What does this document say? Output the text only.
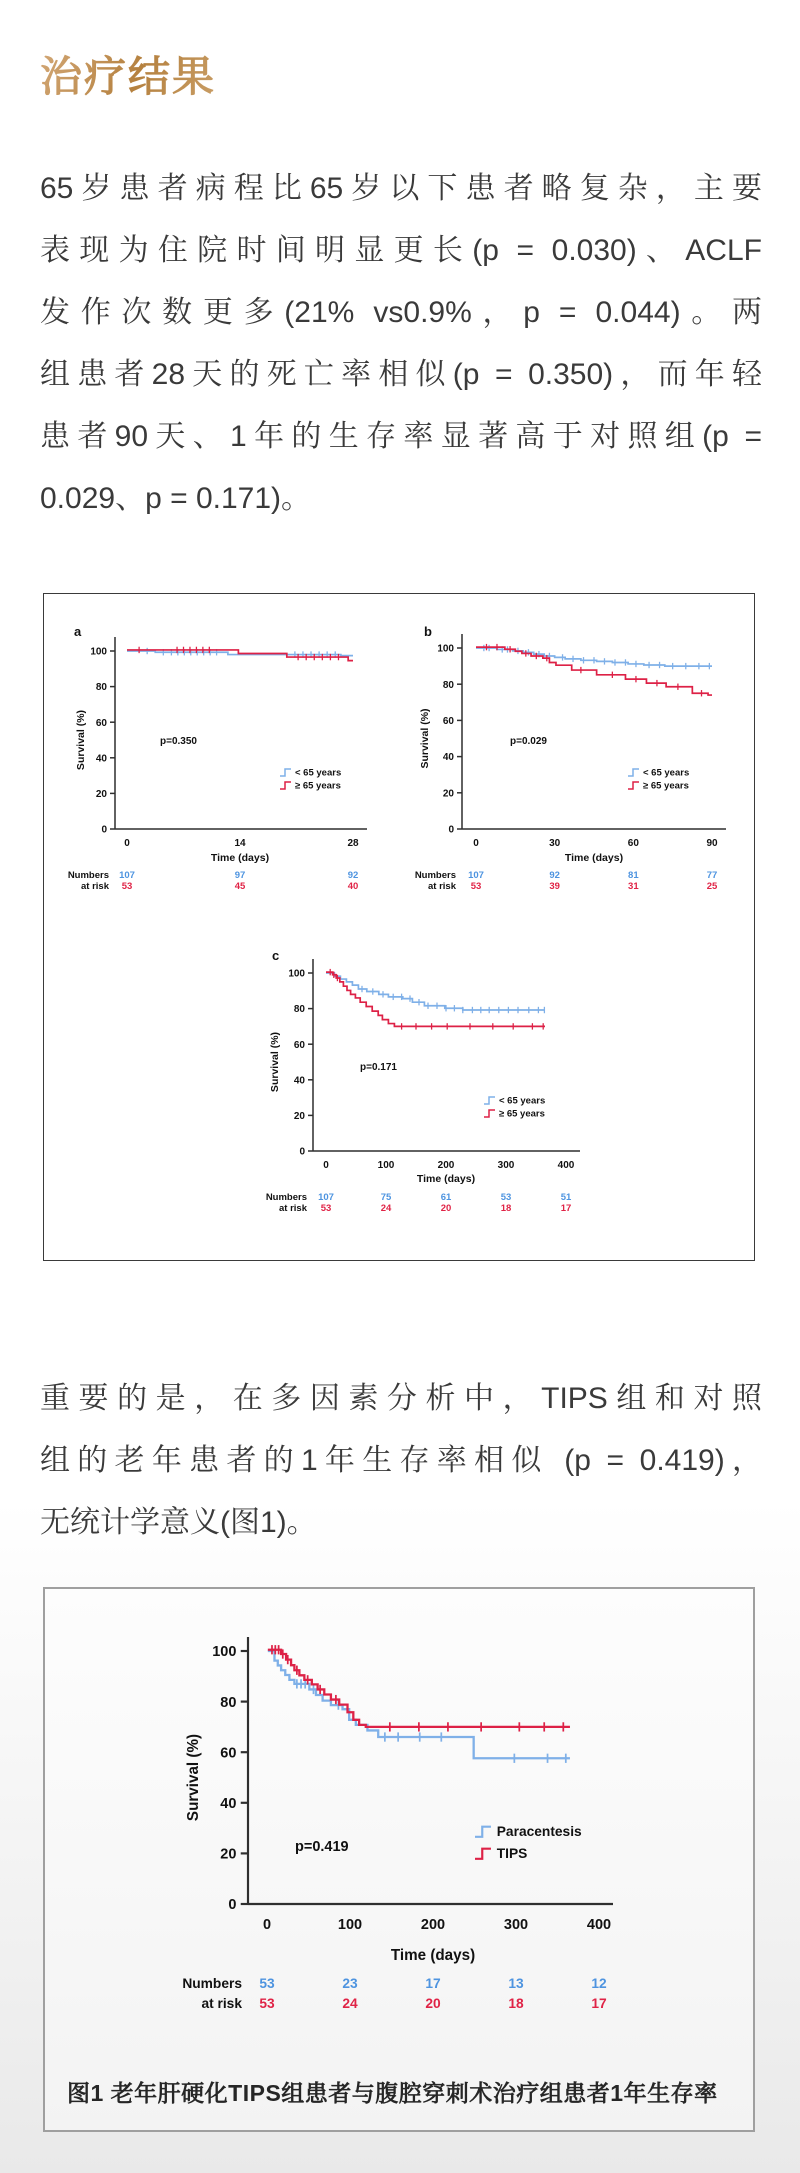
治疗结果
65岁患者病程比65岁以下患者略复杂，主要
表现为住院时间明显更长(p = 0.030)、ACLF
发作次数更多(21% vs0.9%，p = 0.044)。两
组患者28天的死亡率相似(p = 0.350)，而年轻
患者90天、1年的生存率显著高于对照组(p =
0.029、p = 0.171)。
0
20
40
60
80
100
0	14	28
Time (days)
Survival (%)
a
p=0.350
< 65 years
≥ 65 years
Numbers
at risk
107	97	92
53	45	40
0
20
40
60
80
100
0	30	60	90
Time (days)
Survival (%)
b
p=0.029
< 65 years
≥ 65 years
Numbers
at risk
107	92	81	77
53	39	31	25
0
20
40
60
80
100
0	100	200	300	400
Time (days)
Survival (%)
c
p=0.171
< 65 years
≥ 65 years
Numbers
at risk
107	75	61	53	51
53	24	20	18	17
重要的是，在多因素分析中，TIPS组和对照
组的老年患者的1年生存率相似 (p = 0.419)，
无统计学意义(图1)。
0
20
40
60
80
100
0	100	200	300	400
Time (days)
Survival (%)
p=0.419
Paracentesis
TIPS
Numbers
at risk
53	23	17	13	12
53	24	20	18	17
图1 老年肝硬化TIPS组患者与腹腔穿刺术治疗组患者1年生存率
